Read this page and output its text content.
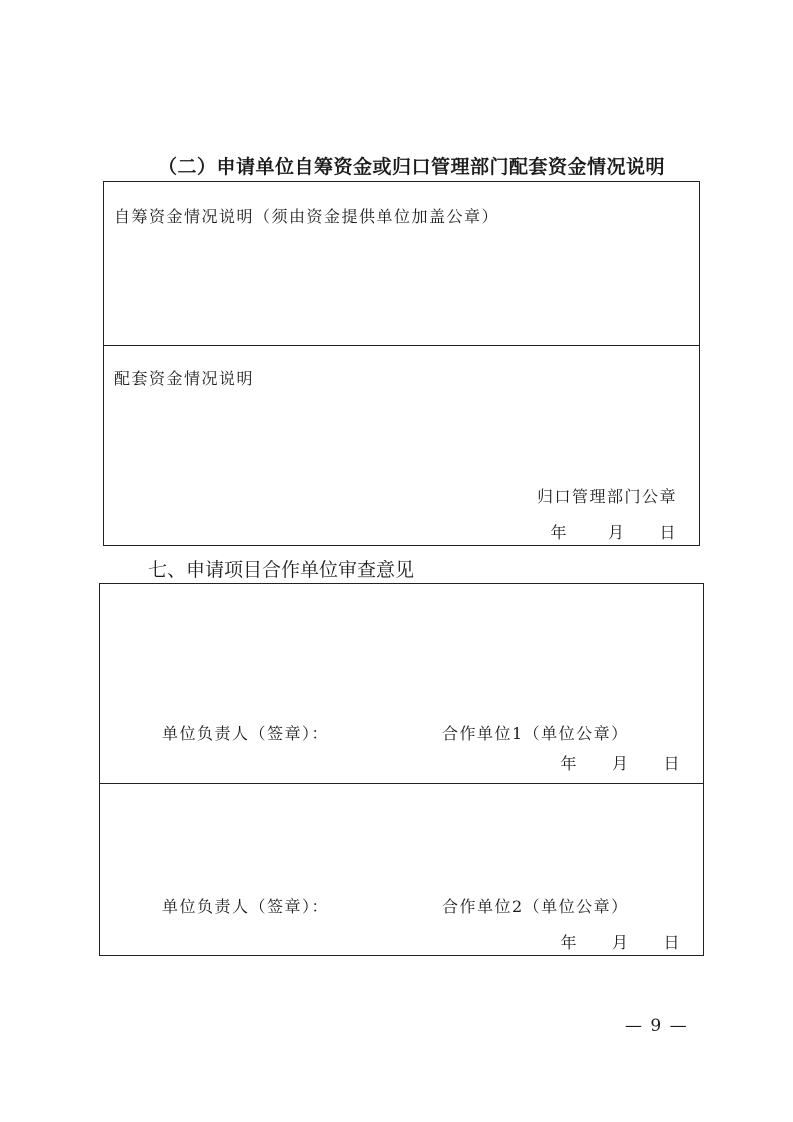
（二）申请单位自筹资金或归口管理部门配套资金情况说明
自筹资金情况说明（须由资金提供单位加盖公章）
配套资金情况说明
归口管理部门公章
年	月 日
七、申请项目合作单位审查意见
单位负责人（签章）：	合作单位1（单位公章）
年 月 日
单位负责人（签章）：	合作单位2（单位公章）
年 月 日
— 9 —
